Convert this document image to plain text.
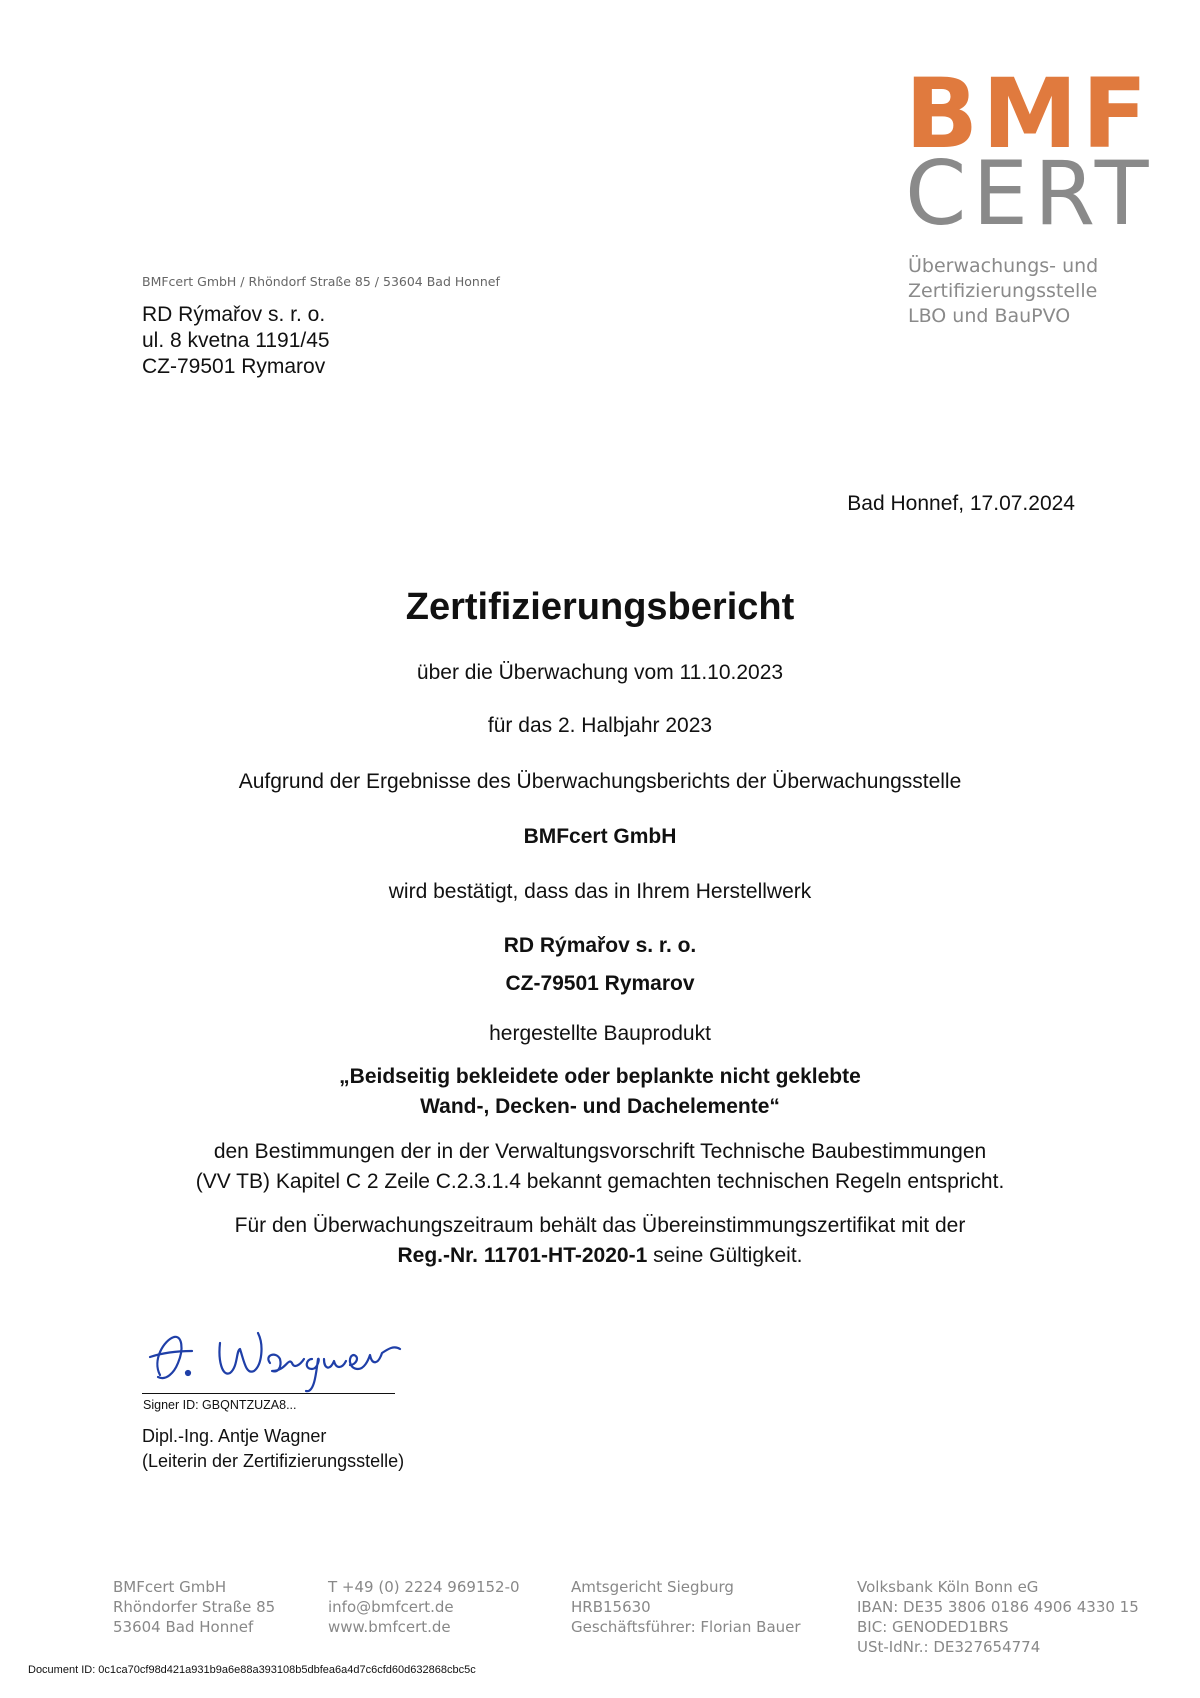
BMF
CERT
Überwachungs- und
Zertifizierungsstelle
LBO und BauPVO
BMFcert GmbH / Rhöndorf Straße 85 / 53604 Bad Honnef
RD Rýmařov s. r. o.
ul. 8 kvetna 1191/45
CZ-79501 Rymarov
Bad Honnef, 17.07.2024
Zertifizierungsbericht
über die Überwachung vom 11.10.2023
für das 2. Halbjahr 2023
Aufgrund der Ergebnisse des Überwachungsberichts der Überwachungsstelle
BMFcert GmbH
wird bestätigt, dass das in Ihrem Herstellwerk
RD Rýmařov s. r. o.
CZ-79501 Rymarov
hergestellte Bauprodukt
„Beidseitig bekleidete oder beplankte nicht geklebte
Wand-, Decken- und Dachelemente“
den Bestimmungen der in der Verwaltungsvorschrift Technische Baubestimmungen
(VV TB) Kapitel C 2 Zeile C.2.3.1.4 bekannt gemachten technischen Regeln entspricht.
Für den Überwachungszeitraum behält das Übereinstimmungszertifikat mit der
Reg.-Nr. 11701-HT-2020-1 seine Gültigkeit.
Signer ID: GBQNTZUZA8...
Dipl.-Ing. Antje Wagner
(Leiterin der Zertifizierungsstelle)
BMFcert GmbH
Rhöndorfer Straße 85
53604 Bad Honnef
T +49 (0) 2224 969152-0
info@bmfcert.de
www.bmfcert.de
Amtsgericht Siegburg
HRB15630
Geschäftsführer: Florian Bauer
Volksbank Köln Bonn eG
IBAN: DE35 3806 0186 4906 4330 15
BIC: GENODED1BRS
USt-IdNr.: DE327654774
Document ID: 0c1ca70cf98d421a931b9a6e88a393108b5dbfea6a4d7c6cfd60d632868cbc5c
